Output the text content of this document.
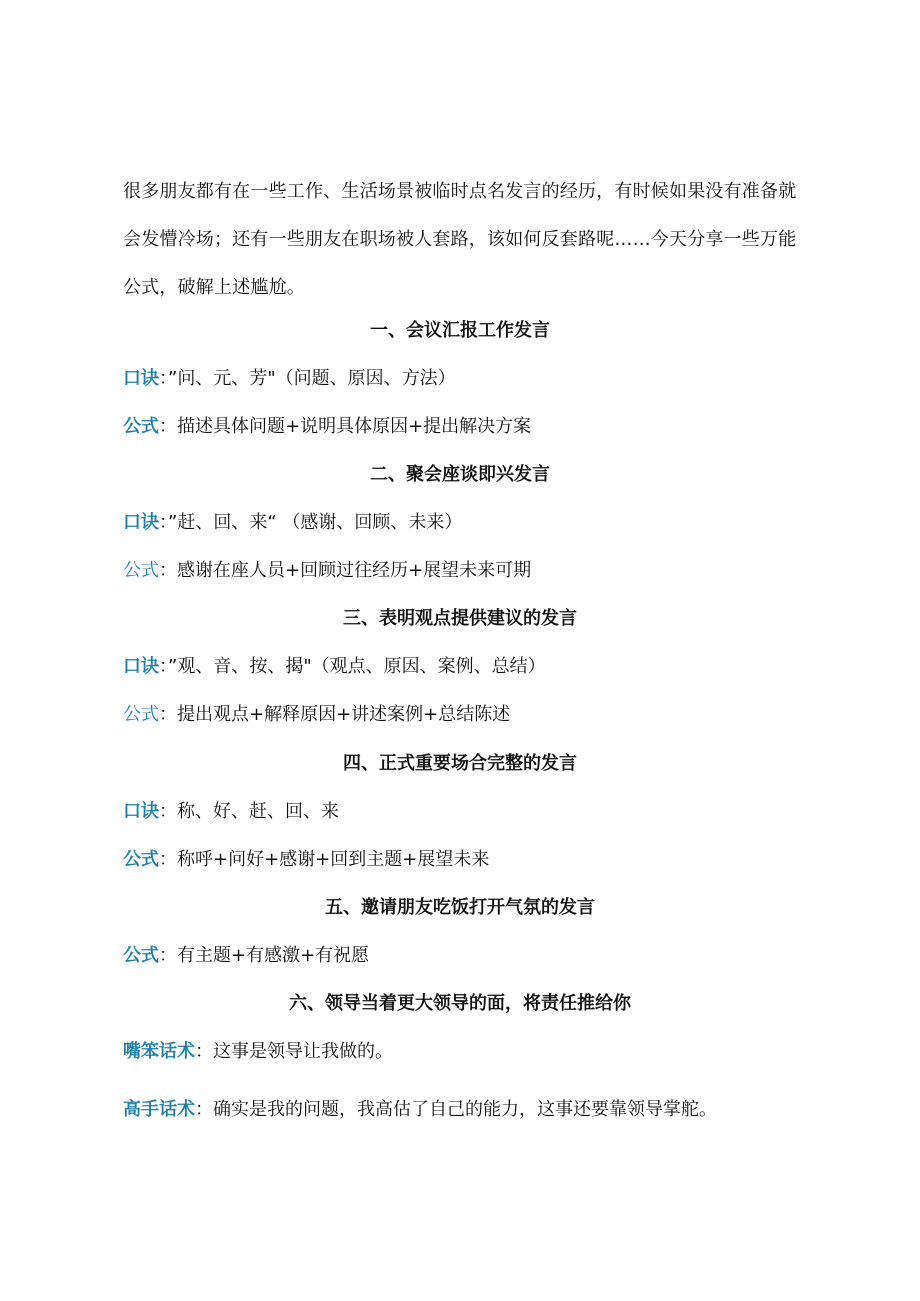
很多朋友都有在一些工作、生活场景被临时点名发言的经历，有时候如果没有准备就会发懵冷场；还有一些朋友在职场被人套路，该如何反套路呢……今天分享一些万能公式，破解上述尴尬。

一、会议汇报工作发言

口诀：”问、元、芳"（问题、原因、方法）

公式：描述具体问题+说明具体原因+提出解决方案

二、聚会座谈即兴发言

口诀：”赶、回、来“ （感谢、回顾、未来）

公式：感谢在座人员+回顾过往经历+展望未来可期

三、表明观点提供建议的发言

口诀：”观、音、按、揭"（观点、原因、案例、总结）

公式：提出观点+解释原因+讲述案例+总结陈述

四、正式重要场合完整的发言

口诀：称、好、赶、回、来

公式：称呼+问好+感谢+回到主题+展望未来

五、邀请朋友吃饭打开气氛的发言

公式：有主题+有感激+有祝愿

六、领导当着更大领导的面，将责任推给你

嘴笨话术：这事是领导让我做的。

高手话术：确实是我的问题，我高估了自己的能力，这事还要靠领导掌舵。
